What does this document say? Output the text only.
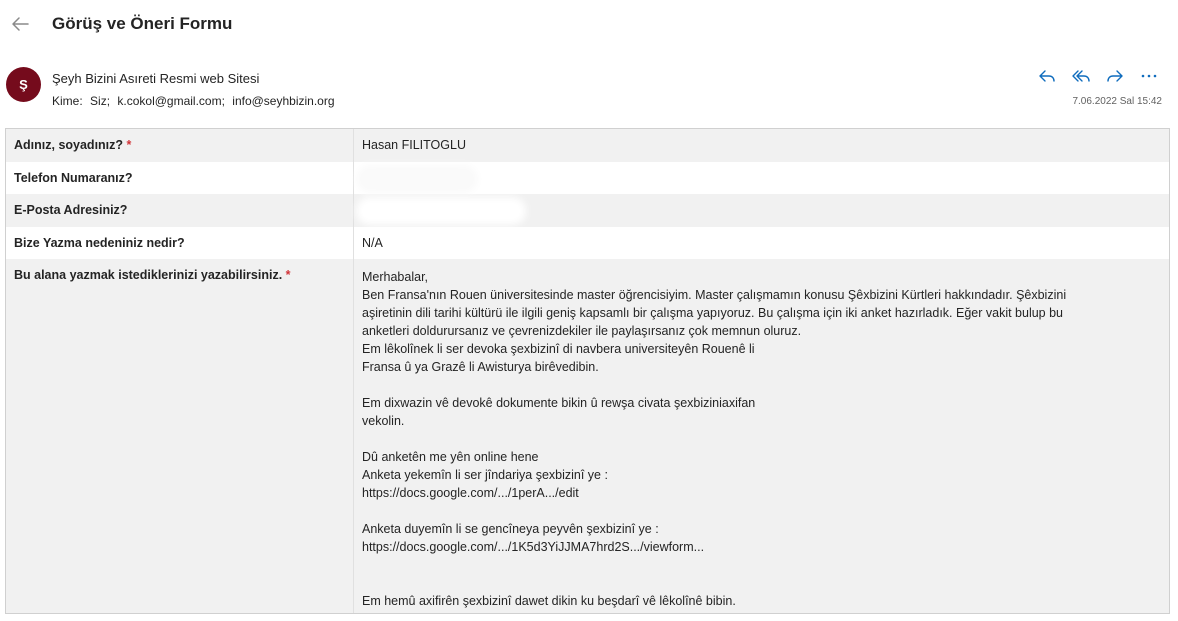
Görüş ve Öneri Formu
Ş	Şeyh Bizini Asıreti Resmi web Sitesi
Kime: Siz; k.cokol@gmail.com; info@seyhbizin.org	7.06.2022 Sal 15:42
Adınız, soyadınız? *	Hasan FILITOGLU
Telefon Numaranız?
E-Posta Adresiniz?
Bize Yazma nedeniniz nedir?	N/A
Bu alana yazmak istediklerinizi yazabilirsiniz. *	Merhabalar,
Ben Fransa'nın Rouen üniversitesinde master öğrencisiyim. Master çalışmamın konusu Şêxbizini Kürtleri hakkındadır. Şêxbizini
aşiretinin dili tarihi kültürü ile ilgili geniş kapsamlı bir çalışma yapıyoruz. Bu çalışma için iki anket hazırladık. Eğer vakit bulup bu
anketleri doldurursanız ve çevrenizdekiler ile paylaşırsanız çok memnun oluruz.
Em lêkolînek li ser devoka şexbizinî di navbera universiteyên Rouenê li
Fransa û ya Grazê li Awisturya birêvedibin.

Em dixwazin vê devokê dokumente bikin û rewşa civata şexbiziniaxifan
vekolin.

Dû anketên me yên online hene
Anketa yekemîn li ser jîndariya şexbizinî ye :
https://docs.google.com/.../1perA.../edit

Anketa duyemîn li se gencîneya peyvên şexbizinî ye :
https://docs.google.com/.../1K5d3YiJJMA7hrd2S.../viewform...

Em hemû axifirên şexbizinî dawet dikin ku beşdarî vê lêkolînê bibin.
